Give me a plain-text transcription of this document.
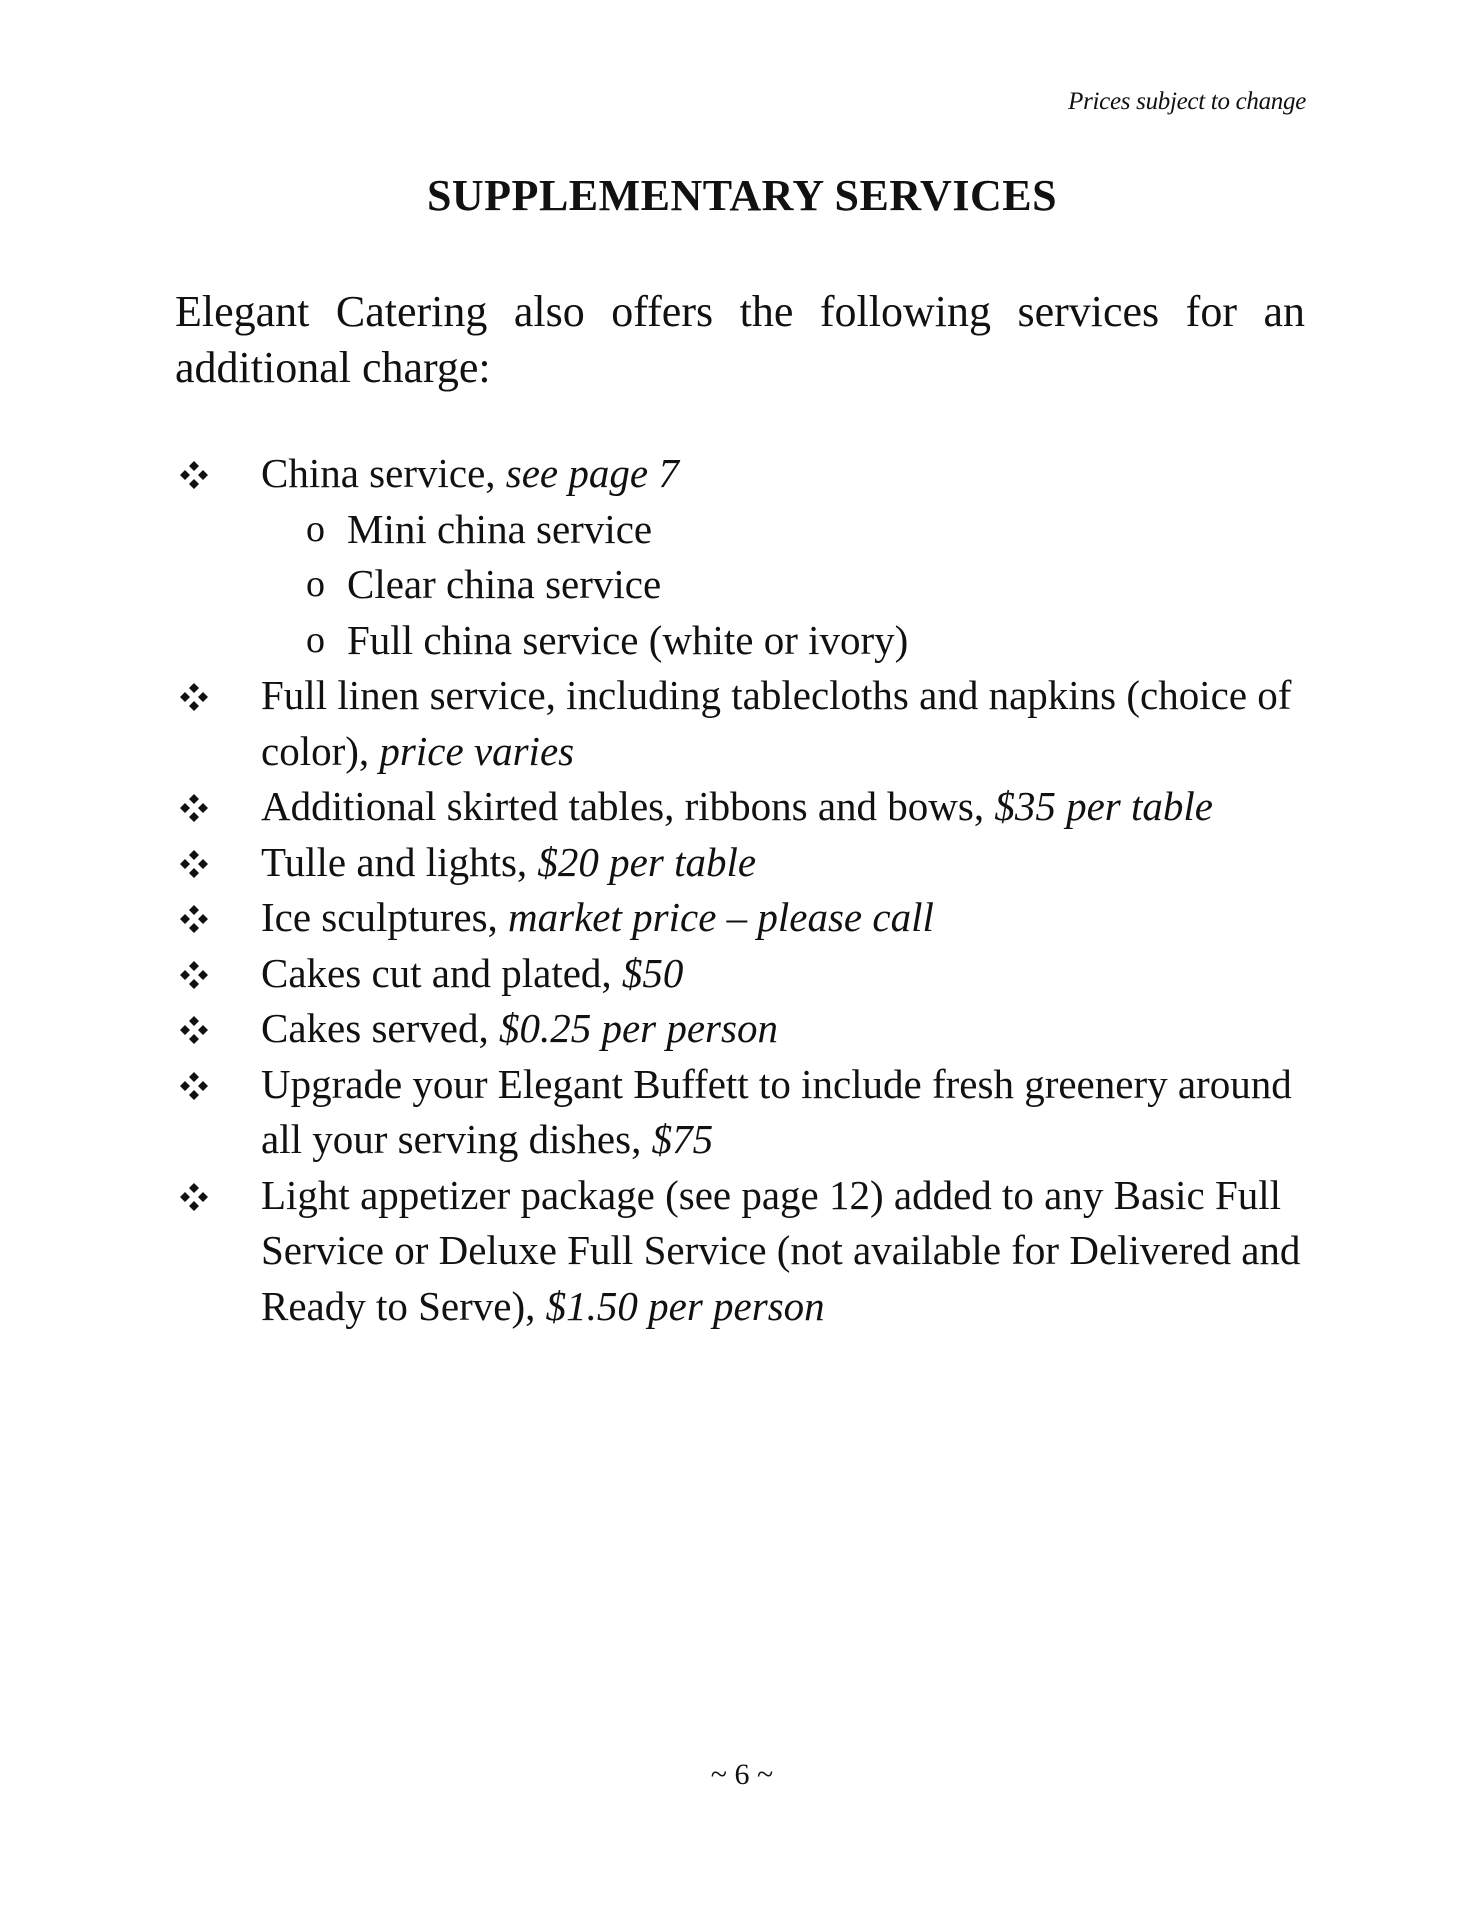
Prices subject to change
SUPPLEMENTARY SERVICES

Elegant Catering also offers the following services for an additional charge:

China service, see page 7
o Mini china service
o Clear china service
o Full china service (white or ivory)
Full linen service, including tablecloths and napkins (choice of color), price varies
Additional skirted tables, ribbons and bows, $35 per table
Tulle and lights, $20 per table
Ice sculptures, market price – please call
Cakes cut and plated, $50
Cakes served, $0.25 per person
Upgrade your Elegant Buffett to include fresh greenery around all your serving dishes, $75
Light appetizer package (see page 12) added to any Basic Full Service or Deluxe Full Service (not available for Delivered and Ready to Serve), $1.50 per person
~ 6 ~
